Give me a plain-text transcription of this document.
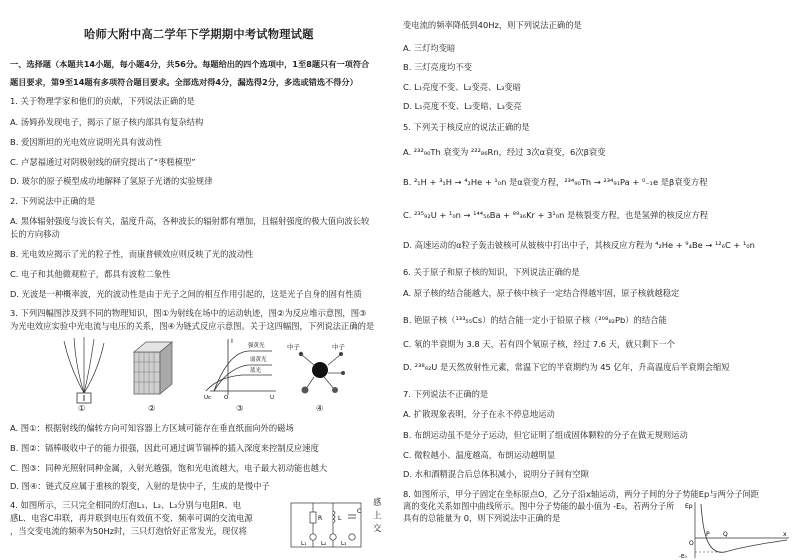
哈师大附中高二学年下学期期中考试物理试题
一、选择题（本题共14小题，每小题4分，共56分。每题给出的四个选项中，1至8题只有一项符合
题目要求，第9至14题有多项符合题目要求。全部选对得4分，漏选得2分，多选或错选不得分）
1. 关于物理学家和他们的贡献，下列说法正确的是
A. 汤姆孙发现电子，揭示了原子核内部具有复杂结构
B. 爱因斯坦的光电效应说明光具有波动性
C. 卢瑟福通过对阴极射线的研究提出了“枣糕模型”
D. 玻尔的原子模型成功地解释了氢原子光谱的实验规律
2. 下列说法中正确的是
A. 黑体辐射强度与波长有关，温度升高，各种波长的辐射都有增加，且辐射强度的极大值向波长较
长的方向移动
B. 光电效应揭示了光的粒子性，而康普顿效应则反映了光的波动性
C. 电子和其他微观粒子，都具有波粒二象性
D. 光波是一种概率波，光的波动性是由于光子之间的相互作用引起的，这是光子自身的固有性质
3. 下列四幅图涉及到不同的物理知识，图①为射线在场中的运动轨迹，图②为反应堆示意图，图③
为光电效应实验中光电流与电压的关系，图④为链式反应示意图。关于这四幅图，下列说法正确的是
①	②
I
强黄光
弱黄光
蓝光
Uc O	U
③
中子	中子
④
A. 图①：根据射线的偏转方向可知容器上方区域可能存在垂直纸面向外的磁场
B. 图②：镉棒吸收中子的能力很强，因此可通过调节镉棒的插入深度来控制反应速度
C. 图③：同种光照射同种金属，入射光越强，饱和光电流越大，电子最大初动能也越大
D. 图④：链式反应属于重核的裂变，入射的是快中子，生成的是慢中子
4. 如图所示，三只完全相同的灯泡L₁、L₂、L₃分别与电阻R、电
感L、电容C串联，再并联到电压有效值不变、频率可调的交流电源
，当交变电流的频率为50Hz时，三只灯泡恰好正常发光，现仅将
R	L
C
L₁	L₂	L₃
感
上
交
变电流的频率降低到40Hz，则下列说法正确的是
A. 三灯均变暗
B. 三灯亮度均不变
C. L₁亮度不变、L₂变亮、L₃变暗
D. L₁亮度不变、L₂变暗、L₃变亮
5. 下列关于核反应的说法正确的是
A. ²³²₉₀Th 衰变为 ²²²₈₆Rn，经过 3次α衰变，6次β衰变
B. ²₁H + ³₁H → ⁴₂He + ¹₀n 是α衰变方程，²³⁴₉₀Th → ²³⁴₉₁Pa + ⁰₋₁e 是β衰变方程
C. ²³⁵₉₂U + ¹₀n → ¹⁴⁴₅₆Ba + ⁸⁹₃₆Kr + 3¹₀n 是核裂变方程，也是氢弹的核反应方程
D. 高速运动的α粒子轰击铍核可从铍核中打出中子，其核反应方程为 ⁴₂He + ⁹₄Be → ¹²₆C + ¹₀n
6. 关于原子和原子核的知识，下列说法正确的是
A. 原子核的结合能越大，原子核中核子一定结合得越牢固，原子核就越稳定
B. 铯原子核（¹³³₅₅Cs）的结合能一定小于铅原子核（²⁰⁸₈₂Pb）的结合能
C. 氡的半衰期为 3.8 天，若有四个氡原子核，经过 7.6 天，就只剩下一个
D. ²³⁸₉₂U 是天然放射性元素，常温下它的半衰期约为 45 亿年，升高温度后半衰期会缩短
7. 下列说法不正确的是
A. 扩散现象表明，分子在永不停息地运动
B. 布朗运动虽不是分子运动，但它证明了组成固体颗粒的分子在做无规则运动
C. 微粒越小、温度越高，布朗运动越明显
D. 水和酒精混合后总体积减小，说明分子间有空隙
8. 如图所示，甲分子固定在坐标原点O，乙分子沿x轴运动，两分子间的分子势能Ep与两分子间距
离的变化关系如图中曲线所示。图中分子势能的最小值为 -E₀，若两分子所
具有的总能量为 0，则下列说法中正确的是
Ep
O
P Q	x
-E₀
